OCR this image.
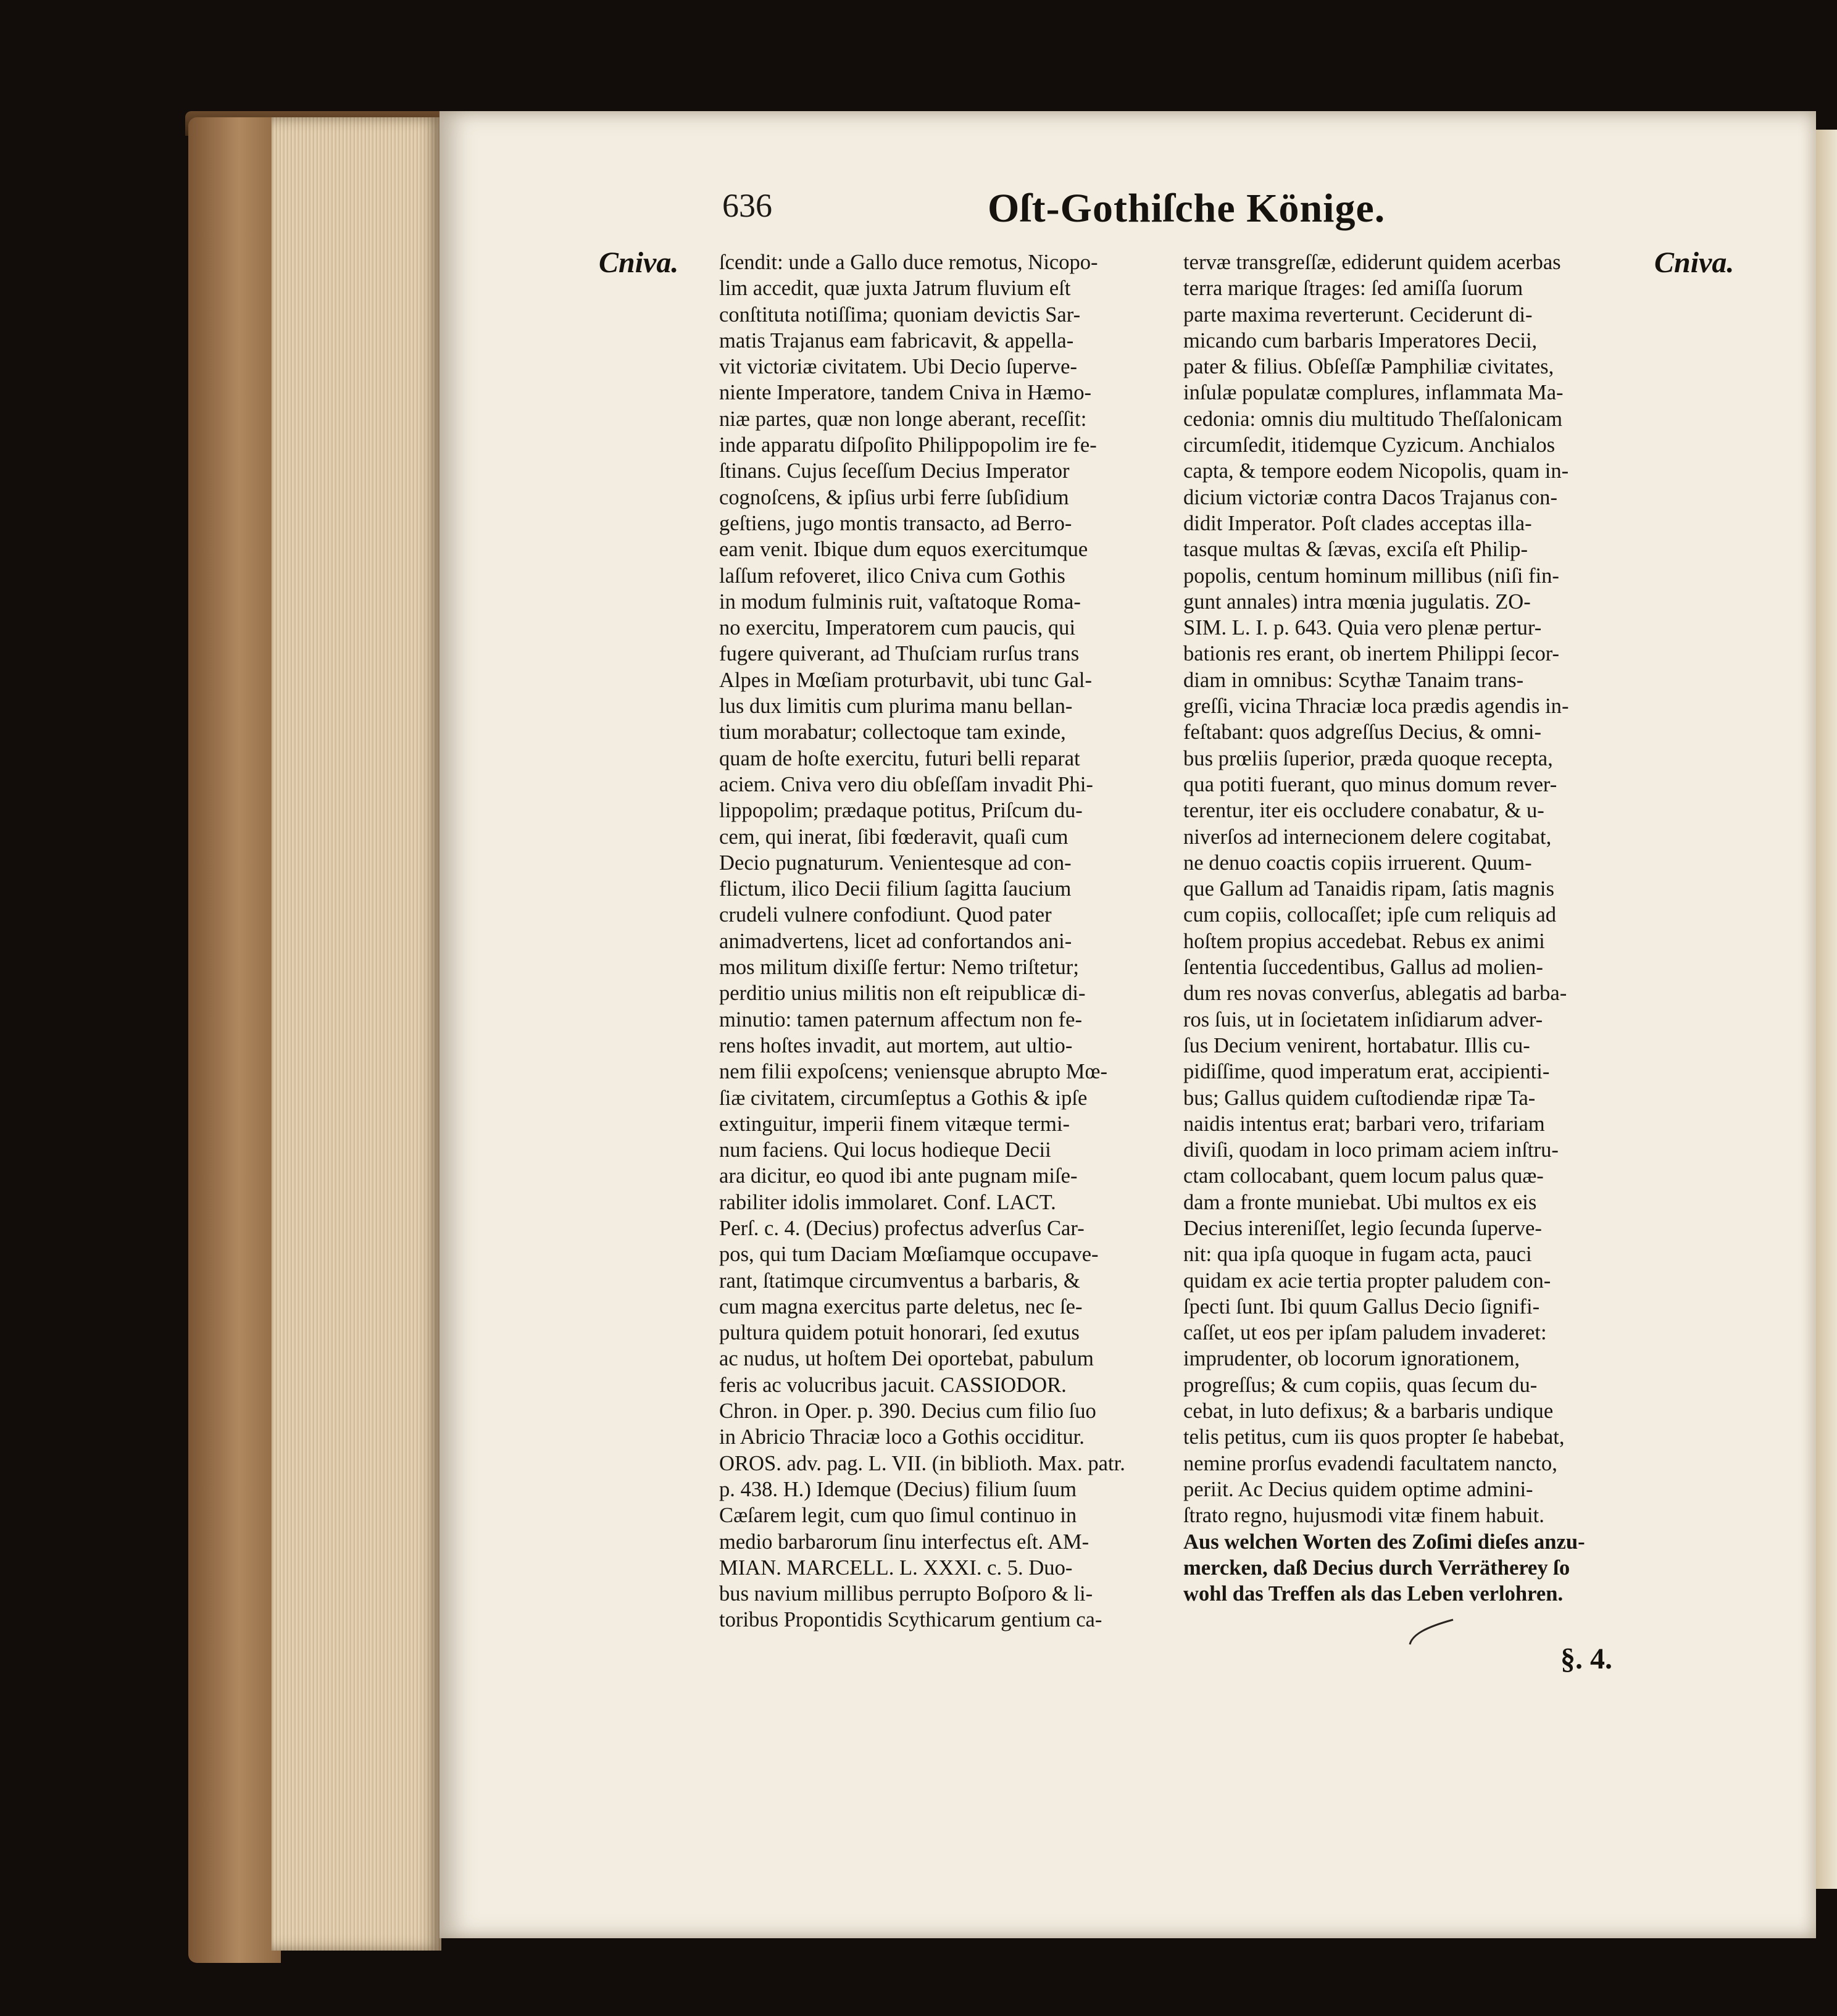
636	Oſt-Gothiſche Könige.
Cniva.	Cniva.
ſcendit: unde a Gallo duce remotus, Nicopo-
lim accedit, quæ juxta Jatrum fluvium eſt
conſtituta notiſſima; quoniam devictis Sar-
matis Trajanus eam fabricavit, & appella-
vit victoriæ civitatem. Ubi Decio ſuperve-
niente Imperatore, tandem Cniva in Hæmo-
niæ partes, quæ non longe aberant, receſſit:
inde apparatu diſpoſito Philippopolim ire fe-
ſtinans. Cujus ſeceſſum Decius Imperator
cognoſcens, & ipſius urbi ferre ſubſidium
geſtiens, jugo montis transacto, ad Berro-
eam venit. Ibique dum equos exercitumque
laſſum refoveret, ilico Cniva cum Gothis
in modum fulminis ruit, vaſtatoque Roma-
no exercitu, Imperatorem cum paucis, qui
fugere quiverant, ad Thuſciam rurſus trans
Alpes in Mœſiam proturbavit, ubi tunc Gal-
lus dux limitis cum plurima manu bellan-
tium morabatur; collectoque tam exinde,
quam de hoſte exercitu, futuri belli reparat
aciem. Cniva vero diu obſeſſam invadit Phi-
lippopolim; prædaque potitus, Priſcum du-
cem, qui inerat, ſibi fœderavit, quaſi cum
Decio pugnaturum. Venientesque ad con-
flictum, ilico Decii filium ſagitta ſaucium
crudeli vulnere confodiunt. Quod pater
animadvertens, licet ad confortandos ani-
mos militum dixiſſe fertur: Nemo triſtetur;
perditio unius militis non eſt reipublicæ di-
minutio: tamen paternum affectum non fe-
rens hoſtes invadit, aut mortem, aut ultio-
nem filii expoſcens; veniensque abrupto Mœ-
ſiæ civitatem, circumſeptus a Gothis & ipſe
extinguitur, imperii finem vitæque termi-
num faciens. Qui locus hodieque Decii
ara dicitur, eo quod ibi ante pugnam miſe-
rabiliter idolis immolaret. Conf. LACT.
Perſ. c. 4. (Decius) profectus adverſus Car-
pos, qui tum Daciam Mœſiamque occupave-
rant, ſtatimque circumventus a barbaris, &
cum magna exercitus parte deletus, nec ſe-
pultura quidem potuit honorari, ſed exutus
ac nudus, ut hoſtem Dei oportebat, pabulum
feris ac volucribus jacuit. CASSIODOR.
Chron. in Oper. p. 390. Decius cum filio ſuo
in Abricio Thraciæ loco a Gothis occiditur.
OROS. adv. pag. L. VII. (in biblioth. Max. patr.
p. 438. H.) Idemque (Decius) filium ſuum
Cæſarem legit, cum quo ſimul continuo in
medio barbarorum ſinu interfectus eſt. AM-
MIAN. MARCELL. L. XXXI. c. 5. Duo-
bus navium millibus perrupto Boſporo & li-
toribus Propontidis Scythicarum gentium ca-
tervæ transgreſſæ, ediderunt quidem acerbas
terra marique ſtrages: ſed amiſſa ſuorum
parte maxima reverterunt. Ceciderunt di-
micando cum barbaris Imperatores Decii,
pater & filius. Obſeſſæ Pamphiliæ civitates,
inſulæ populatæ complures, inflammata Ma-
cedonia: omnis diu multitudo Theſſalonicam
circumſedit, itidemque Cyzicum. Anchialos
capta, & tempore eodem Nicopolis, quam in-
dicium victoriæ contra Dacos Trajanus con-
didit Imperator. Poſt clades acceptas illa-
tasque multas & ſævas, exciſa eſt Philip-
popolis, centum hominum millibus (niſi fin-
gunt annales) intra mœnia jugulatis. ZO-
SIM. L. I. p. 643. Quia vero plenæ pertur-
bationis res erant, ob inertem Philippi ſecor-
diam in omnibus: Scythæ Tanaim trans-
greſſi, vicina Thraciæ loca prædis agendis in-
feſtabant: quos adgreſſus Decius, & omni-
bus prœliis ſuperior, præda quoque recepta,
qua potiti fuerant, quo minus domum rever-
terentur, iter eis occludere conabatur, & u-
niverſos ad internecionem delere cogitabat,
ne denuo coactis copiis irruerent. Quum-
que Gallum ad Tanaidis ripam, ſatis magnis
cum copiis, collocaſſet; ipſe cum reliquis ad
hoſtem propius accedebat. Rebus ex animi
ſententia ſuccedentibus, Gallus ad molien-
dum res novas converſus, ablegatis ad barba-
ros ſuis, ut in ſocietatem inſidiarum adver-
ſus Decium venirent, hortabatur. Illis cu-
pidiſſime, quod imperatum erat, accipienti-
bus; Gallus quidem cuſtodiendæ ripæ Ta-
naidis intentus erat; barbari vero, trifariam
diviſi, quodam in loco primam aciem inſtru-
ctam collocabant, quem locum palus quæ-
dam a fronte muniebat. Ubi multos ex eis
Decius intereniſſet, legio ſecunda ſuperve-
nit: qua ipſa quoque in fugam acta, pauci
quidam ex acie tertia propter paludem con-
ſpecti ſunt. Ibi quum Gallus Decio ſignifi-
caſſet, ut eos per ipſam paludem invaderet:
imprudenter, ob locorum ignorationem,
progreſſus; & cum copiis, quas ſecum du-
cebat, in luto defixus; & a barbaris undique
telis petitus, cum iis quos propter ſe habebat,
nemine prorſus evadendi facultatem nancto,
periit. Ac Decius quidem optime admini-
ſtrato regno, hujusmodi vitæ finem habuit.
Aus welchen Worten des Zoſimi dieſes anzu-
mercken, daß Decius durch Verrätherey ſo
wohl das Treffen als das Leben verlohren.
§. 4.
